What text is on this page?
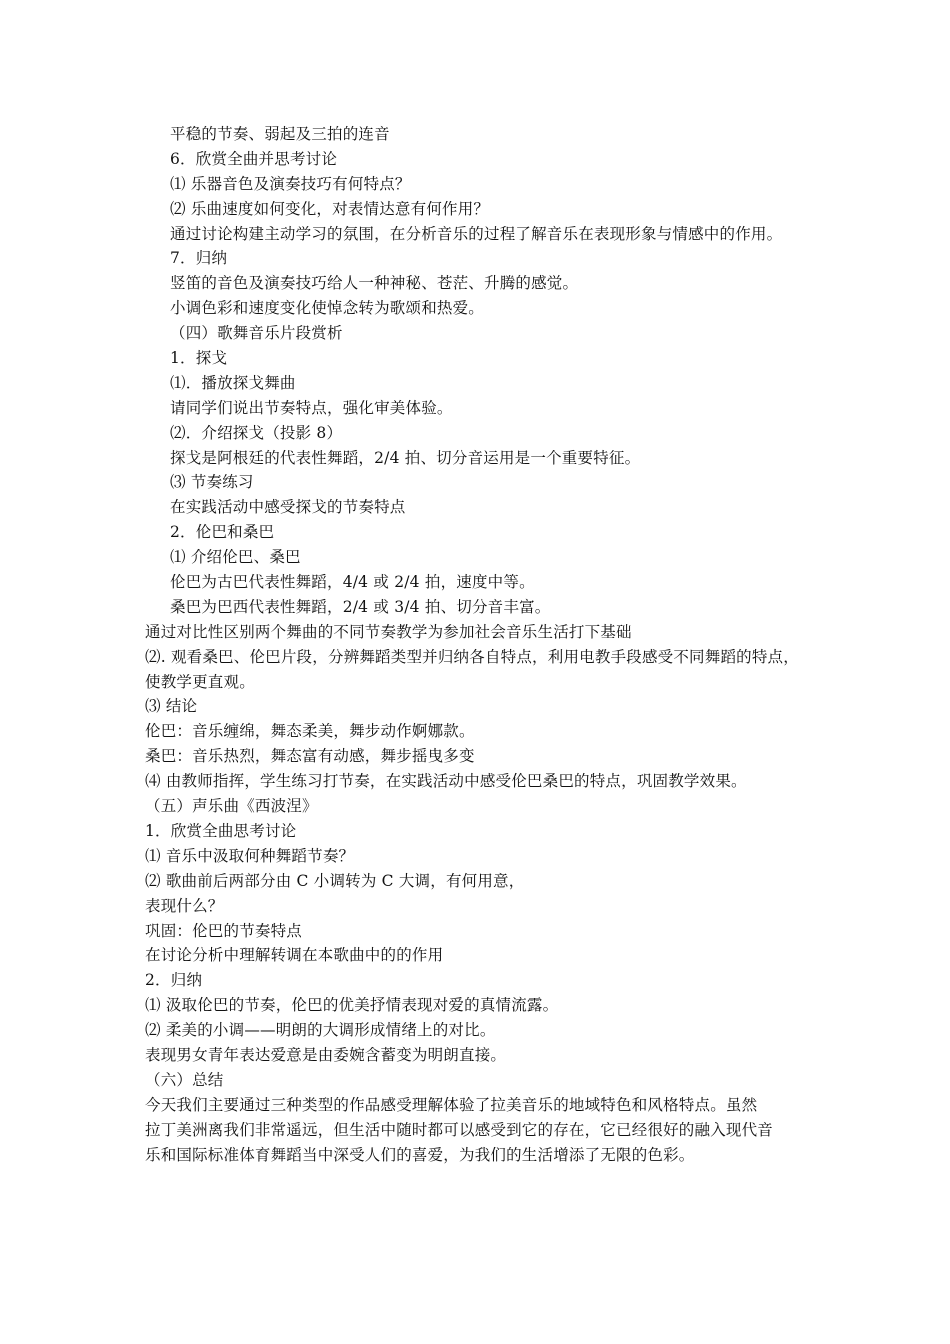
平稳的节奏、弱起及三拍的连音
6．欣赏全曲并思考讨论
⑴ 乐器音色及演奏技巧有何特点？
⑵ 乐曲速度如何变化，对表情达意有何作用？
通过讨论构建主动学习的氛围，在分析音乐的过程了解音乐在表现形象与情感中的作用。
7．归纳
竖笛的音色及演奏技巧给人一种神秘、苍茫、升腾的感觉。
小调色彩和速度变化使悼念转为歌颂和热爱。
（四）歌舞音乐片段赏析
1．探戈
⑴．播放探戈舞曲
请同学们说出节奏特点，强化审美体验。
⑵．介绍探戈（投影 8）
探戈是阿根廷的代表性舞蹈，2/4 拍、切分音运用是一个重要特征。
⑶ 节奏练习
在实践活动中感受探戈的节奏特点
2．伦巴和桑巴
⑴ 介绍伦巴、桑巴
伦巴为古巴代表性舞蹈，4/4 或 2/4 拍，速度中等。
桑巴为巴西代表性舞蹈，2/4 或 3/4 拍、切分音丰富。
通过对比性区别两个舞曲的不同节奏教学为参加社会音乐生活打下基础
⑵. 观看桑巴、伦巴片段，分辨舞蹈类型并归纳各自特点，利用电教手段感受不同舞蹈的特点，
使教学更直观。
⑶ 结论
伦巴：音乐缠绵，舞态柔美，舞步动作婀娜款。
桑巴：音乐热烈，舞态富有动感，舞步摇曳多变
⑷ 由教师指挥，学生练习打节奏，在实践活动中感受伦巴桑巴的特点，巩固教学效果。
（五）声乐曲《西波涅》
1．欣赏全曲思考讨论
⑴ 音乐中汲取何种舞蹈节奏？
⑵ 歌曲前后两部分由 C 小调转为 C 大调，有何用意，
表现什么？
巩固：伦巴的节奏特点
在讨论分析中理解转调在本歌曲中的的作用
2．归纳
⑴ 汲取伦巴的节奏，伦巴的优美抒情表现对爱的真情流露。
⑵ 柔美的小调——明朗的大调形成情绪上的对比。
表现男女青年表达爱意是由委婉含蓄变为明朗直接。
（六）总结
今天我们主要通过三种类型的作品感受理解体验了拉美音乐的地域特色和风格特点。虽然
拉丁美洲离我们非常遥远，但生活中随时都可以感受到它的存在，它已经很好的融入现代音
乐和国际标准体育舞蹈当中深受人们的喜爱，为我们的生活增添了无限的色彩。
